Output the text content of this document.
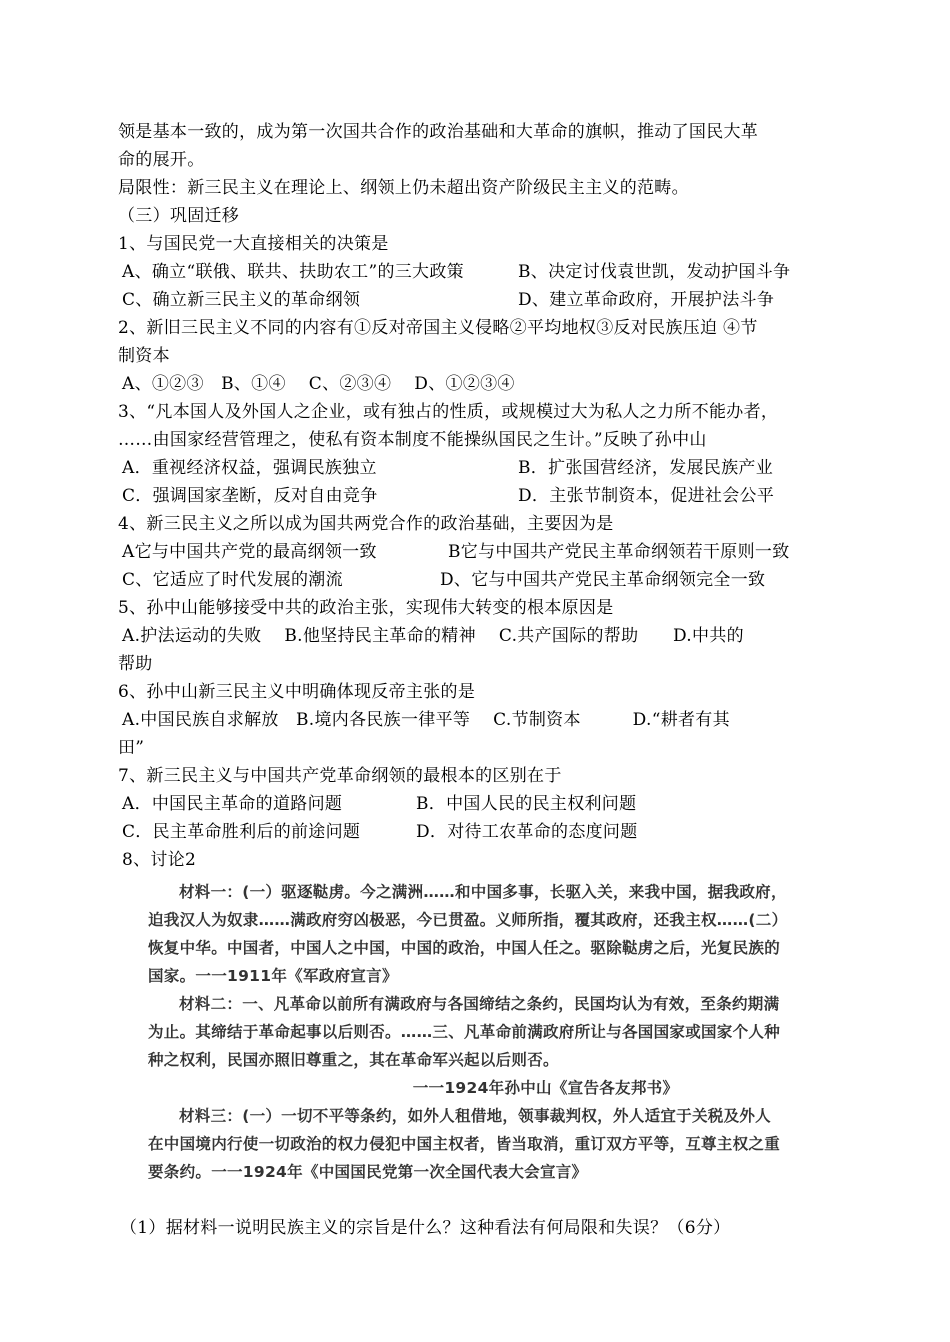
领是基本一致的，成为第一次国共合作的政治基础和大革命的旗帜，推动了国民大革
命的展开。
局限性：新三民主义在理论上、纲领上仍未超出资产阶级民主主义的范畴。
（三）巩固迁移
1、与国民党一大直接相关的决策是
A、确立“联俄、联共、扶助农工”的三大政策	B、决定讨伐袁世凯，发动护国斗争
C、确立新三民主义的革命纲领	D、建立革命政府，开展护法斗争
2、新旧三民主义不同的内容有①反对帝国主义侵略②平均地权③反对民族压迫 ④节
制资本
A、①②③　B、①④　 C、②③④　 D、①②③④
3、“凡本国人及外国人之企业，或有独占的性质，或规模过大为私人之力所不能办者，
……由国家经营管理之，使私有资本制度不能操纵国民之生计。”反映了孙中山
A．重视经济权益，强调民族独立	B．扩张国营经济，发展民族产业
C．强调国家垄断，反对自由竞争	D．主张节制资本，促进社会公平
4、新三民主义之所以成为国共两党合作的政治基础，主要因为是
A它与中国共产党的最高纲领一致	B它与中国共产党民主革命纲领若干原则一致
C、它适应了时代发展的潮流	D、它与中国共产党民主革命纲领完全一致
5、孙中山能够接受中共的政治主张，实现伟大转变的根本原因是
A.护法运动的失败　 B.他坚持民主革命的精神　 C.共产国际的帮助　　D.中共的
帮助
6、孙中山新三民主义中明确体现反帝主张的是
A.中国民族自求解放　B.境内各民族一律平等　 C.节制资本　　　D.“耕者有其
田”
7、新三民主义与中国共产党革命纲领的最根本的区别在于
A．中国民主革命的道路问题	B．中国人民的民主权利问题
C．民主革命胜利后的前途问题	D．对待工农革命的态度问题
8、讨论2

材料一：(一）驱逐鞑虏。今之满洲……和中国多事，长驱入关，来我中国，据我政府，

迫我汉人为奴隶……满政府穷凶极恶，今已贯盈。义师所指，覆其政府，还我主权……(二）

恢复中华。中国者，中国人之中国，中国的政治，中国人任之。驱除鞑虏之后，光复民族的

国家。一一1911年《军政府宣言》

材料二：一、凡革命以前所有满政府与各国缔结之条约，民国均认为有效，至条约期满

为止。其缔结于革命起事以后则否。……三、凡革命前满政府所让与各国国家或国家个人种

种之权利，民国亦照旧尊重之，其在革命军兴起以后则否。

一一1924年孙中山《宣告各友邦书》

材料三：(一）一切不平等条约，如外人租借地，领事裁判权，外人适宜于关税及外人

在中国境内行使一切政治的权力侵犯中国主权者，皆当取消，重订双方平等，互尊主权之重

要条约。一一1924年《中国国民党第一次全国代表大会宣言》

（1）据材料一说明民族主义的宗旨是什么？这种看法有何局限和失误？（6分）
